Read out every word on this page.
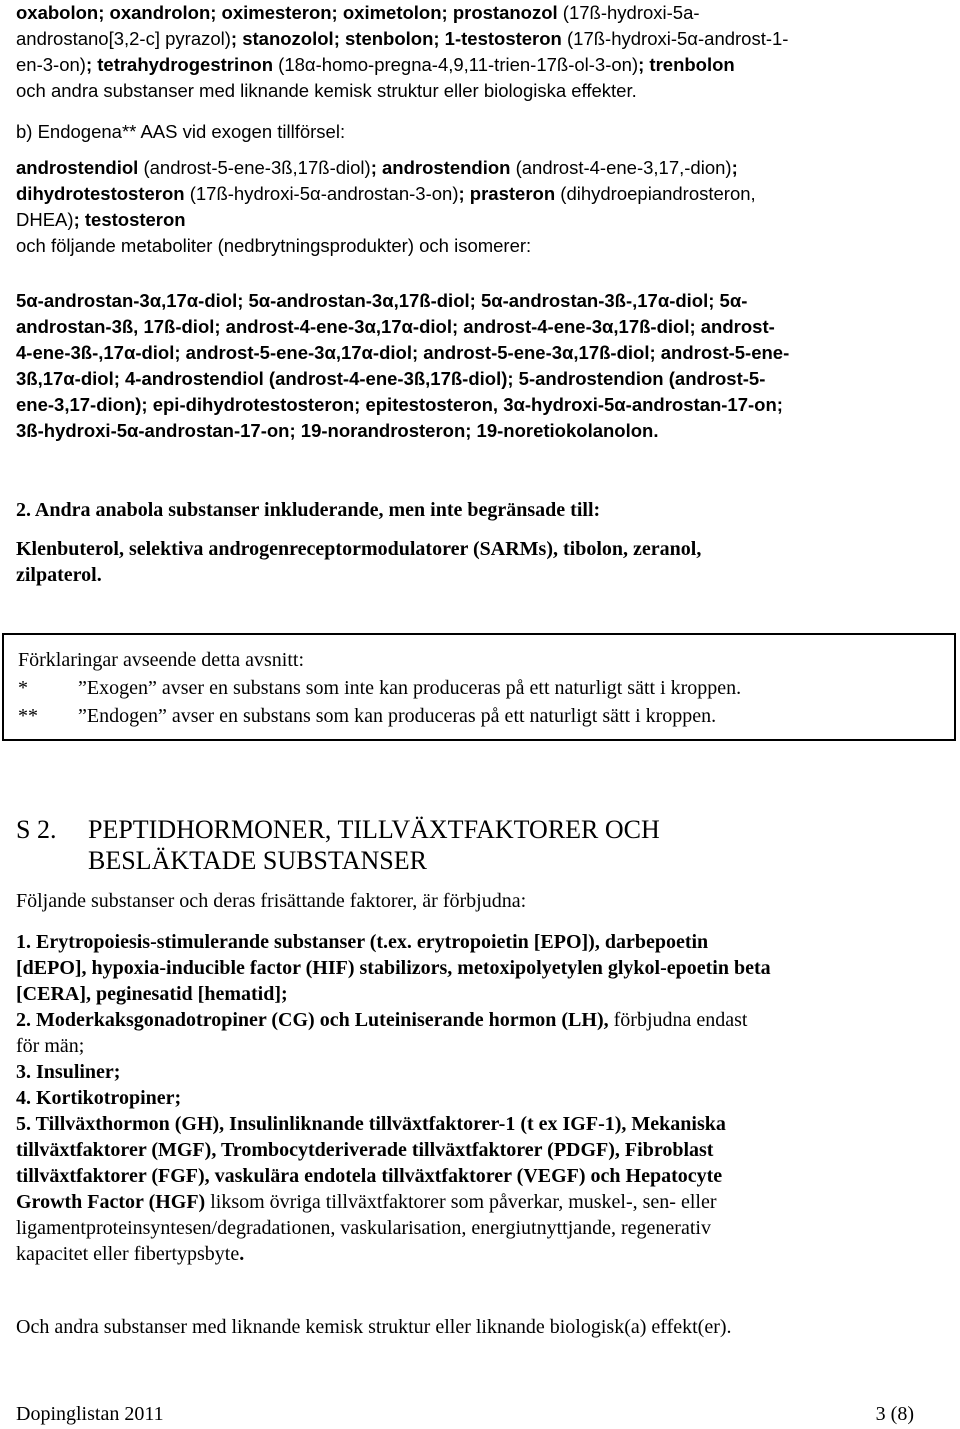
oxabolon; oxandrolon; oximesteron; oximetolon; prostanozol (17ß-hydroxi-5a-
androstano[3,2-c] pyrazol); stanozolol; stenbolon; 1-testosteron (17ß-hydroxi-5α-androst-1-
en-3-on); tetrahydrogestrinon (18α-homo-pregna-4,9,11-trien-17ß-ol-3-on); trenbolon
och andra substanser med liknande kemisk struktur eller biologiska effekter.
b) Endogena** AAS vid exogen tillförsel:
androstendiol (androst-5-ene-3ß,17ß-diol); androstendion (androst-4-ene-3,17,-dion);
dihydrotestosteron (17ß-hydroxi-5α-androstan-3-on); prasteron (dihydroepiandrosteron,
DHEA); testosteron
och följande metaboliter (nedbrytningsprodukter) och isomerer:
5α-androstan-3α,17α-diol; 5α-androstan-3α,17ß-diol; 5α-androstan-3ß-,17α-diol; 5α-
androstan-3ß, 17ß-diol; androst-4-ene-3α,17α-diol; androst-4-ene-3α,17ß-diol; androst-
4-ene-3ß-,17α-diol; androst-5-ene-3α,17α-diol; androst-5-ene-3α,17ß-diol; androst-5-ene-
3ß,17α-diol; 4-androstendiol (androst-4-ene-3ß,17ß-diol); 5-androstendion (androst-5-
ene-3,17-dion); epi-dihydrotestosteron; epitestosteron, 3α-hydroxi-5α-androstan-17-on;
3ß-hydroxi-5α-androstan-17-on; 19-norandrosteron; 19-noretiokolanolon.
2. Andra anabola substanser inkluderande, men inte begränsade till:
Klenbuterol, selektiva androgenreceptormodulatorer (SARMs), tibolon, zeranol,
zilpaterol.
Förklaringar avseende detta avsnitt:
*	”Exogen” avser en substans som inte kan produceras på ett naturligt sätt i kroppen.
** ”Endogen” avser en substans som kan produceras på ett naturligt sätt i kroppen.
S 2. PEPTIDHORMONER, TILLVÄXTFAKTORER OCH
BESLÄKTADE SUBSTANSER
Följande substanser och deras frisättande faktorer, är förbjudna:
1. Erytropoiesis-stimulerande substanser (t.ex. erytropoietin [EPO]), darbepoetin
[dEPO], hypoxia-inducible factor (HIF) stabilizors, metoxipolyetylen glykol-epoetin beta
[CERA], peginesatid [hematid];
2. Moderkaksgonadotropiner (CG) och Luteiniserande hormon (LH), förbjudna endast
för män;
3. Insuliner;
4. Kortikotropiner;
5. Tillväxthormon (GH), Insulinliknande tillväxtfaktorer-1 (t ex IGF-1), Mekaniska
tillväxtfaktorer (MGF), Trombocytderiverade tillväxtfaktorer (PDGF), Fibroblast
tillväxtfaktorer (FGF), vaskulära endotela tillväxtfaktorer (VEGF) och Hepatocyte
Growth Factor (HGF) liksom övriga tillväxtfaktorer som påverkar, muskel-, sen- eller
ligamentproteinsyntesen/degradationen, vaskularisation, energiutnyttjande, regenerativ
kapacitet eller fibertypsbyte.
Och andra substanser med liknande kemisk struktur eller liknande biologisk(a) effekt(er).
Dopinglistan 2011	3 (8)
